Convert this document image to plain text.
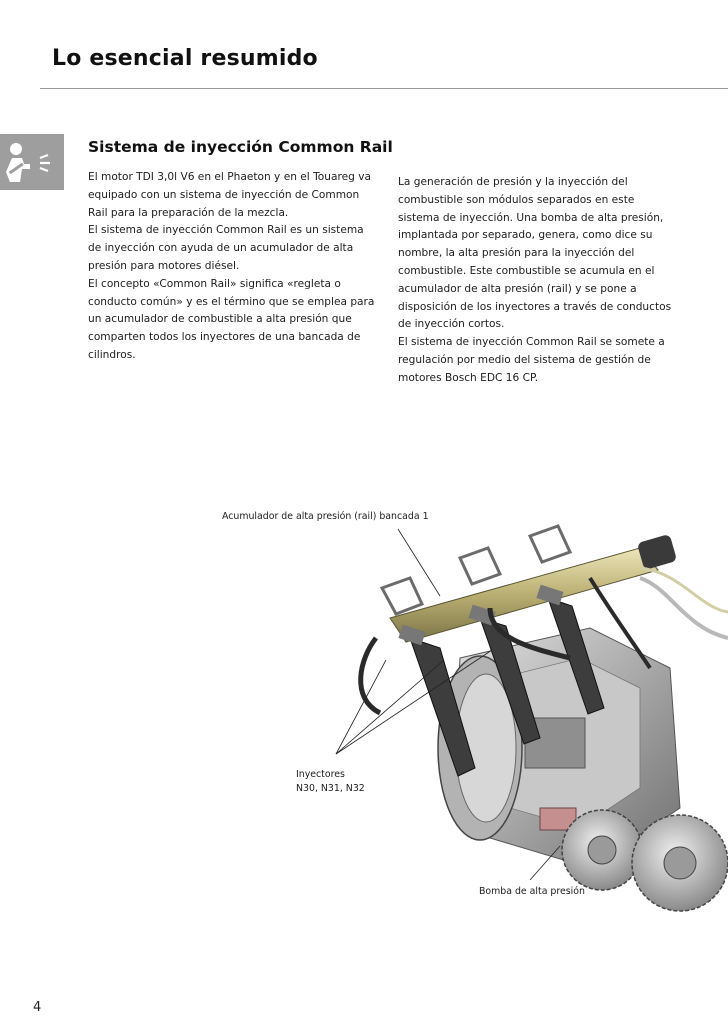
Lo esencial resumido
Sistema de inyección Common Rail

El motor TDI 3,0l V6 en el Phaeton y en el Touareg va

equipado con un sistema de inyección de Common

Rail para la preparación de la mezcla.

El sistema de inyección Common Rail es un sistema

de inyección con ayuda de un acumulador de alta

presión para motores diésel.

El concepto «Common Rail» significa «regleta o

conducto común» y es el término que se emplea para

un acumulador de combustible a alta presión que

comparten todos los inyectores de una bancada de

cilindros.

La generación de presión y la inyección del

combustible son módulos separados en este

sistema de inyección. Una bomba de alta presión,

implantada por separado, genera, como dice su

nombre, la alta presión para la inyección del

combustible. Este combustible se acumula en el

acumulador de alta presión (rail) y se pone a

disposición de los inyectores a través de conductos

de inyección cortos.

El sistema de inyección Common Rail se somete a

regulación por medio del sistema de gestión de

motores Bosch EDC 16 CP.

Acumulador de alta presión (rail) bancada 1
Inyectores
N30, N31, N32
Bomba de alta presión
4
